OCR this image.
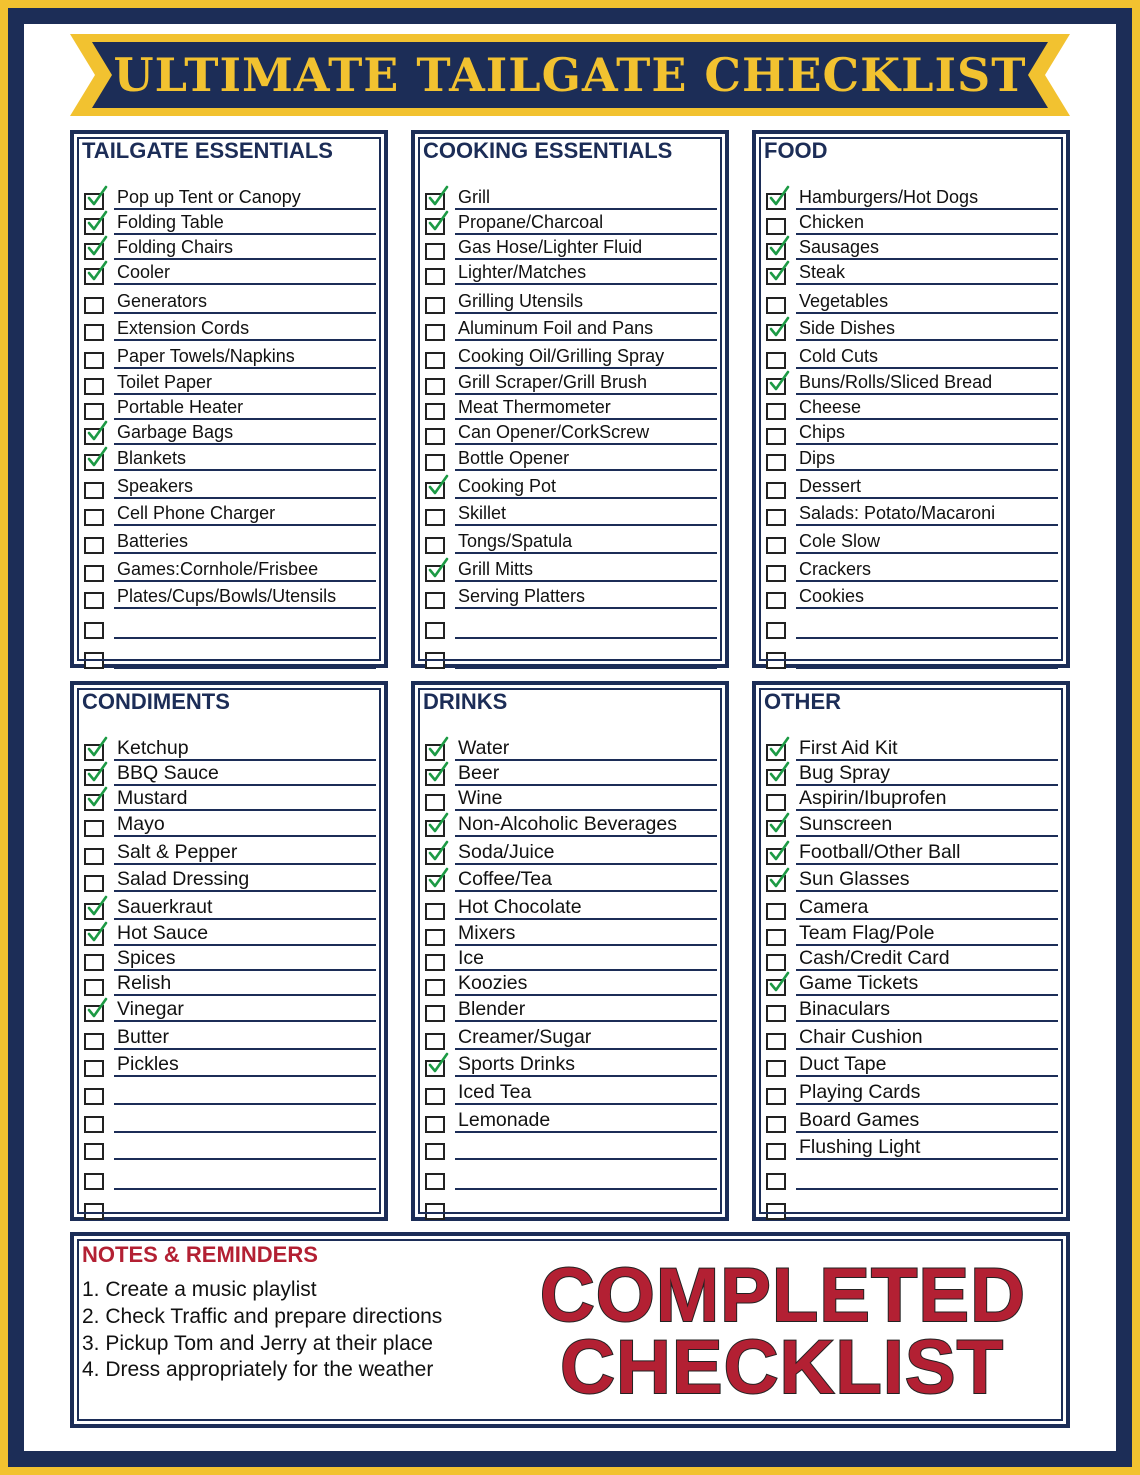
ULTIMATE TAILGATE CHECKLIST
TAILGATE ESSENTIALS
Pop up Tent or Canopy
Folding Table
Folding Chairs
Cooler
Generators
Extension Cords
Paper Towels/Napkins
Toilet Paper
Portable Heater
Garbage Bags
Blankets
Speakers
Cell Phone Charger
Batteries
Games:Cornhole/Frisbee
Plates/Cups/Bowls/Utensils
COOKING ESSENTIALS
Grill
Propane/Charcoal
Gas Hose/Lighter Fluid
Lighter/Matches
Grilling Utensils
Aluminum Foil and Pans
Cooking Oil/Grilling Spray
Grill Scraper/Grill Brush
Meat Thermometer
Can Opener/CorkScrew
Bottle Opener
Cooking Pot
Skillet
Tongs/Spatula
Grill Mitts
Serving Platters
FOOD
Hamburgers/Hot Dogs
Chicken
Sausages
Steak
Vegetables
Side Dishes
Cold Cuts
Buns/Rolls/Sliced Bread
Cheese
Chips
Dips
Dessert
Salads: Potato/Macaroni
Cole Slow
Crackers
Cookies
CONDIMENTS
Ketchup
BBQ Sauce
Mustard
Mayo
Salt & Pepper
Salad Dressing
Sauerkraut
Hot Sauce
Spices
Relish
Vinegar
Butter
Pickles
DRINKS
Water
Beer
Wine
Non-Alcoholic Beverages
Soda/Juice
Coffee/Tea
Hot Chocolate
Mixers
Ice
Koozies
Blender
Creamer/Sugar
Sports Drinks
Iced Tea
Lemonade
OTHER
First Aid Kit
Bug Spray
Aspirin/Ibuprofen
Sunscreen
Football/Other Ball
Sun Glasses
Camera
Team Flag/Pole
Cash/Credit Card
Game Tickets
Binaculars
Chair Cushion
Duct Tape
Playing Cards
Board Games
Flushing Light
NOTES & REMINDERS
1. Create a music playlist
2. Check Traffic and prepare directions
3. Pickup Tom and Jerry at their place
4. Dress appropriately for the weather
COMPLETED
CHECKLIST
